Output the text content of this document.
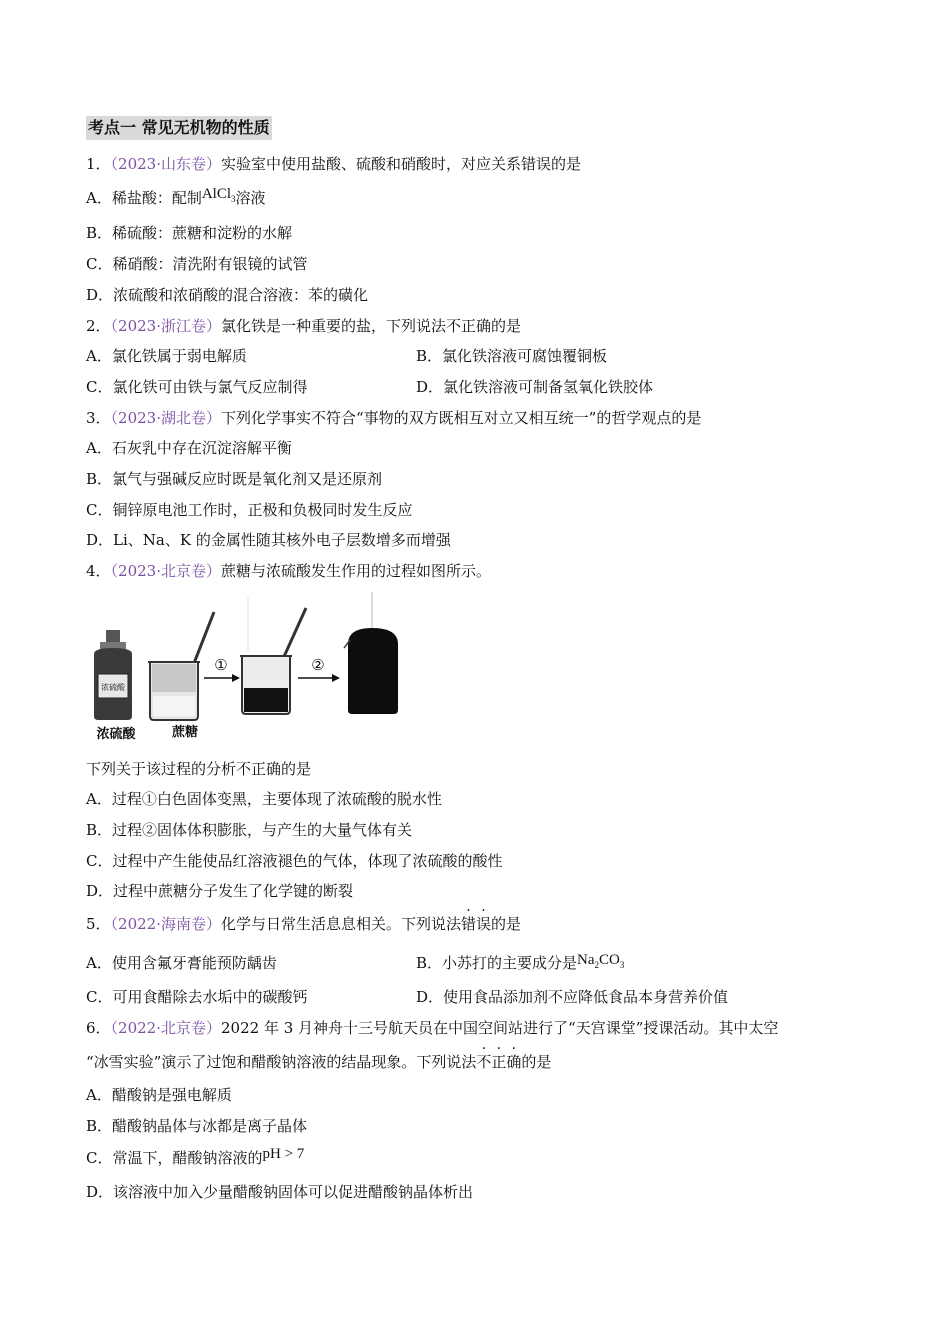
考点一 常见无机物的性质
1．（2023·山东卷）实验室中使用盐酸、硫酸和硝酸时，对应关系错误的是
A．稀盐酸：配制AlCl$_3$溶液
B．稀硫酸：蔗糖和淀粉的水解
C．稀硝酸：清洗附有银镜的试管
D．浓硫酸和浓硝酸的混合溶液：苯的磺化
2．（2023·浙江卷）氯化铁是一种重要的盐，下列说法不正确的是
A．氯化铁属于弱电解质	B．氯化铁溶液可腐蚀覆铜板
C．氯化铁可由铁与氯气反应制得	D．氯化铁溶液可制备氢氧化铁胶体
3．（2023·湖北卷）下列化学事实不符合“事物的双方既相互对立又相互统一”的哲学观点的是
A．石灰乳中存在沉淀溶解平衡
B．氯气与强碱反应时既是氧化剂又是还原剂
C．铜锌原电池工作时，正极和负极同时发生反应
D．Li、Na、K 的金属性随其核外电子层数增多而增强
4．（2023·北京卷）蔗糖与浓硫酸发生作用的过程如图所示。
浓硫酸
①	②
浓硫酸	蔗糖
下列关于该过程的分析不正确的是
A．过程①白色固体变黑，主要体现了浓硫酸的脱水性
B．过程②固体体积膨胀，与产生的大量气体有关
C．过程中产生能使品红溶液褪色的气体，体现了浓硫酸的酸性
D．过程中蔗糖分子发生了化学键的断裂
5．（2022·海南卷）化学与日常生活息息相关。下列说法错误的是
A．使用含氟牙膏能预防龋齿	B．小苏打的主要成分是$Na_2CO_3$
C．可用食醋除去水垢中的碳酸钙	D．使用食品添加剂不应降低食品本身营养价值
6．（2022·北京卷）2022 年 3 月神舟十三号航天员在中国空间站进行了“天宫课堂”授课活动。其中太空
“冰雪实验”演示了过饱和醋酸钠溶液的结晶现象。下列说法不正确的是
A．醋酸钠是强电解质
B．醋酸钠晶体与冰都是离子晶体
C．常温下，醋酸钠溶液的pH > 7
D．该溶液中加入少量醋酸钠固体可以促进醋酸钠晶体析出
